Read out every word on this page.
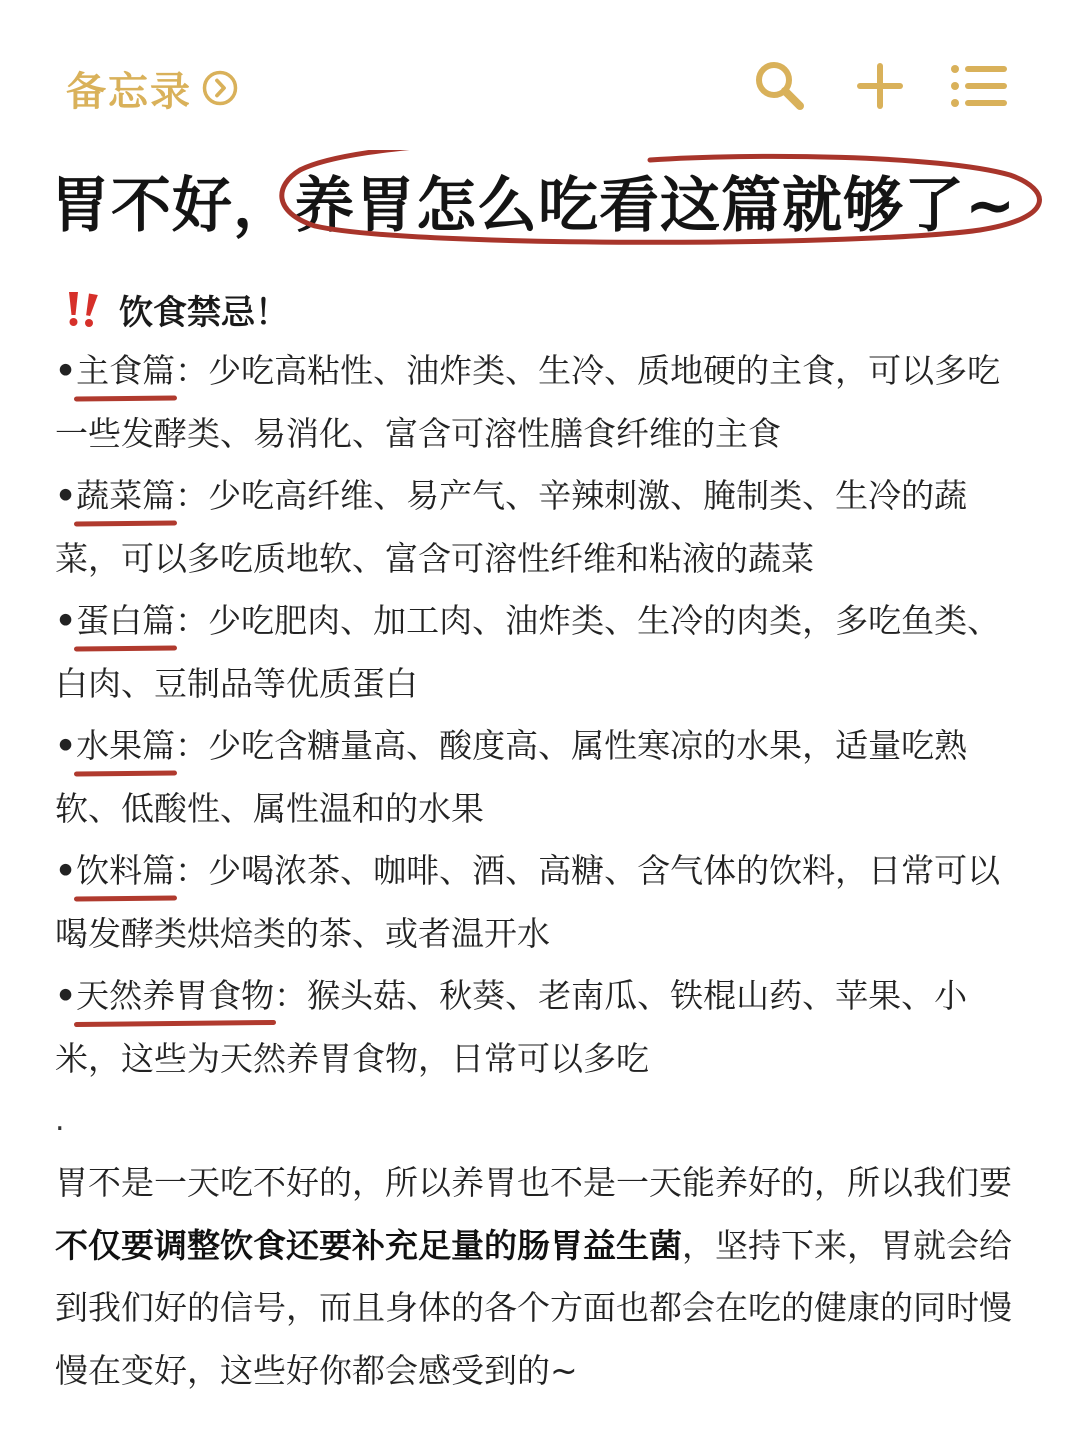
备忘录
胃不好，养胃怎么吃看这篇就够了~
饮食禁忌！

•主食篇：少吃高粘性、油炸类、生冷、质地硬的主食，可以多吃一些发酵类、易消化、富含可溶性膳食纤维的主食

•蔬菜篇：少吃高纤维、易产气、辛辣刺激、腌制类、生冷的蔬菜，可以多吃质地软、富含可溶性纤维和粘液的蔬菜

•蛋白篇：少吃肥肉、加工肉、油炸类、生冷的肉类，多吃鱼类、白肉、豆制品等优质蛋白

•水果篇：少吃含糖量高、酸度高、属性寒凉的水果，适量吃熟软、低酸性、属性温和的水果

•饮料篇：少喝浓茶、咖啡、酒、高糖、含气体的饮料，日常可以喝发酵类烘焙类的茶、或者温开水

•天然养胃食物：猴头菇、秋葵、老南瓜、铁棍山药、苹果、小米，这些为天然养胃食物，日常可以多吃

.

胃不是一天吃不好的，所以养胃也不是一天能养好的，所以我们要不仅要调整饮食还要补充足量的肠胃益生菌，坚持下来，胃就会给到我们好的信号，而且身体的各个方面也都会在吃的健康的同时慢慢在变好，这些好你都会感受到的~
